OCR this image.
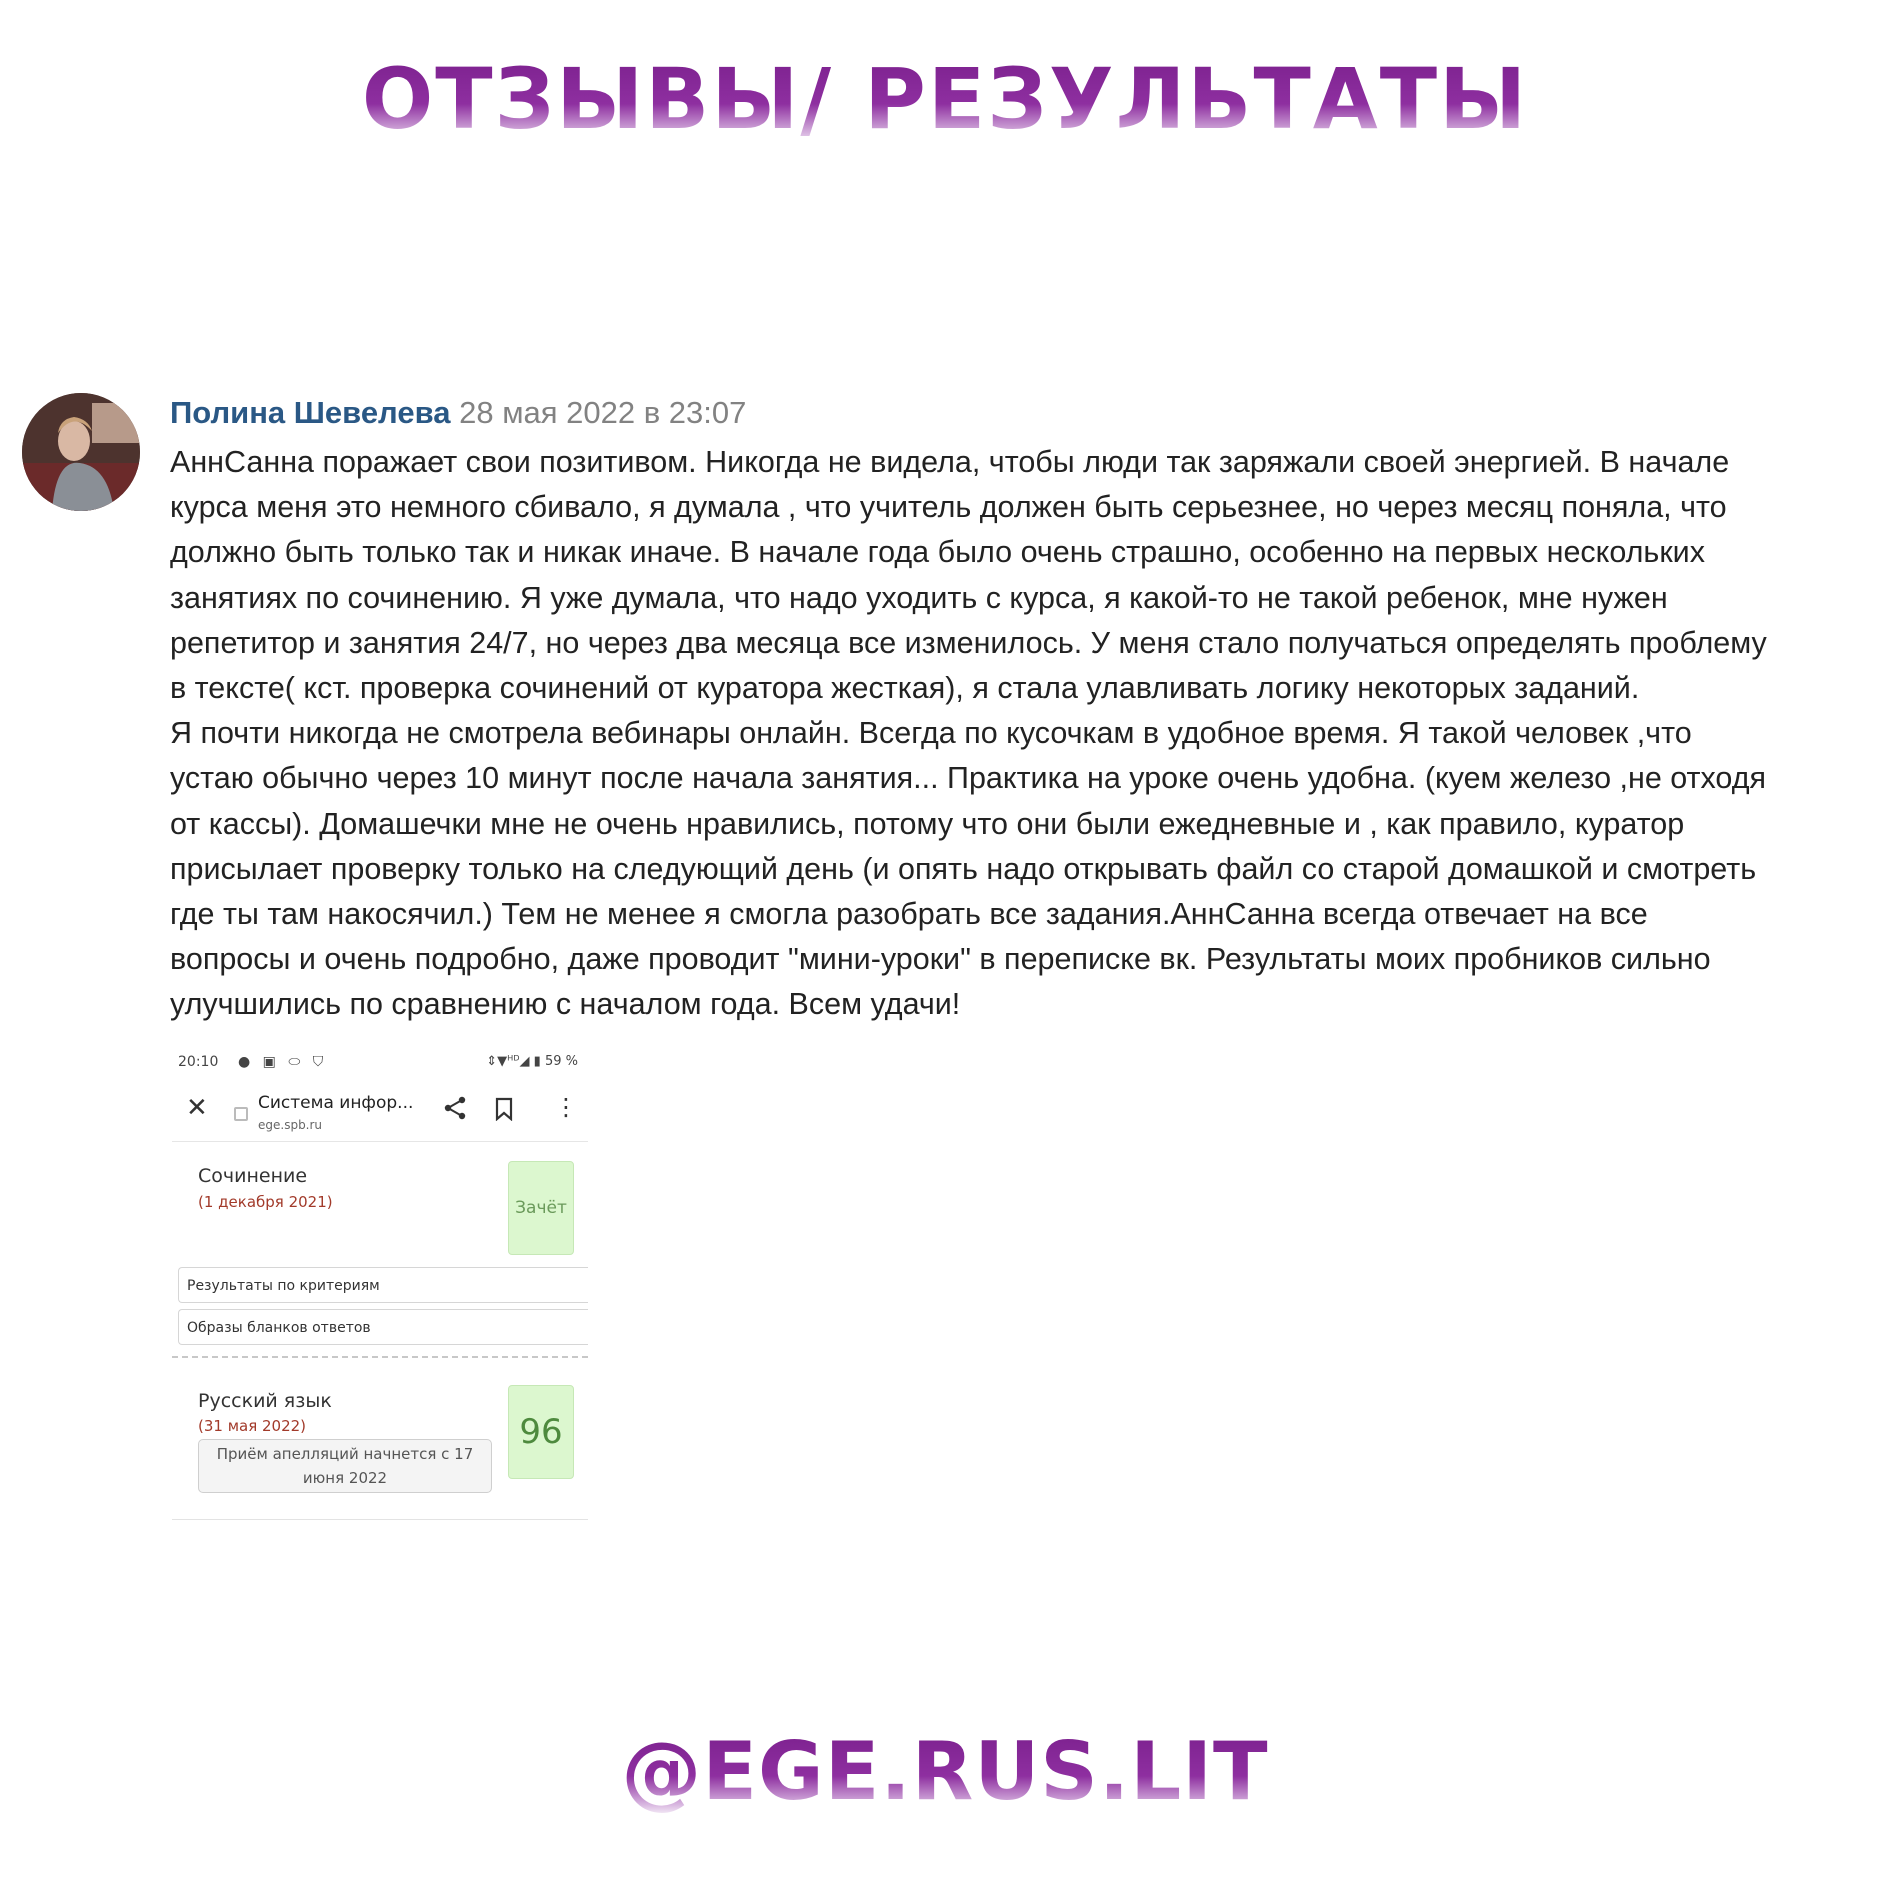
ОТЗЫВЫ/ РЕЗУЛЬТАТЫ
Полина Шевелева 28 мая 2022 в 23:07
АннСанна поражает свои позитивом. Никогда не видела, чтобы люди так заряжали своей энергией. В начале
курса меня это немного сбивало, я думала , что учитель должен быть серьезнее, но через месяц поняла, что
должно быть только так и никак иначе. В начале года было очень страшно, особенно на первых нескольких
занятиях по сочинению. Я уже думала, что надо уходить с курса, я какой-то не такой ребенок, мне нужен
репетитор и занятия 24/7, но через два месяца все изменилось. У меня стало получаться определять проблему
в тексте( кст. проверка сочинений от куратора жесткая), я стала улавливать логику некоторых заданий.
Я почти никогда не смотрела вебинары онлайн. Всегда по кусочкам в удобное время. Я такой человек ,что
устаю обычно через 10 минут после начала занятия... Практика на уроке очень удобна. (куем железо ,не отходя
от кассы). Домашечки мне не очень нравились, потому что они были ежедневные и , как правило, куратор
присылает проверку только на следующий день (и опять надо открывать файл со старой домашкой и смотреть
где ты там накосячил.) Тем не менее я смогла разобрать все задания.АннСанна всегда отвечает на все
вопросы и очень подробно, даже проводит "мини-уроки" в переписке вк. Результаты моих пробников сильно
улучшились по сравнению с началом года. Всем удачи!
20:10 ● ▣ ⬭ ⛉	⇕▼ᴴᴰ◢ ▮ 59 %
✕	Система инфор...
ege.spb.ru
⋮
Сочинение
(1 декабря 2021)	Зачёт
Результаты по критериям
Образы бланков ответов
Русский язык
(31 мая 2022)	96
Приём апелляций начнется с 17 июня 2022
@EGE.RUS.LIT
